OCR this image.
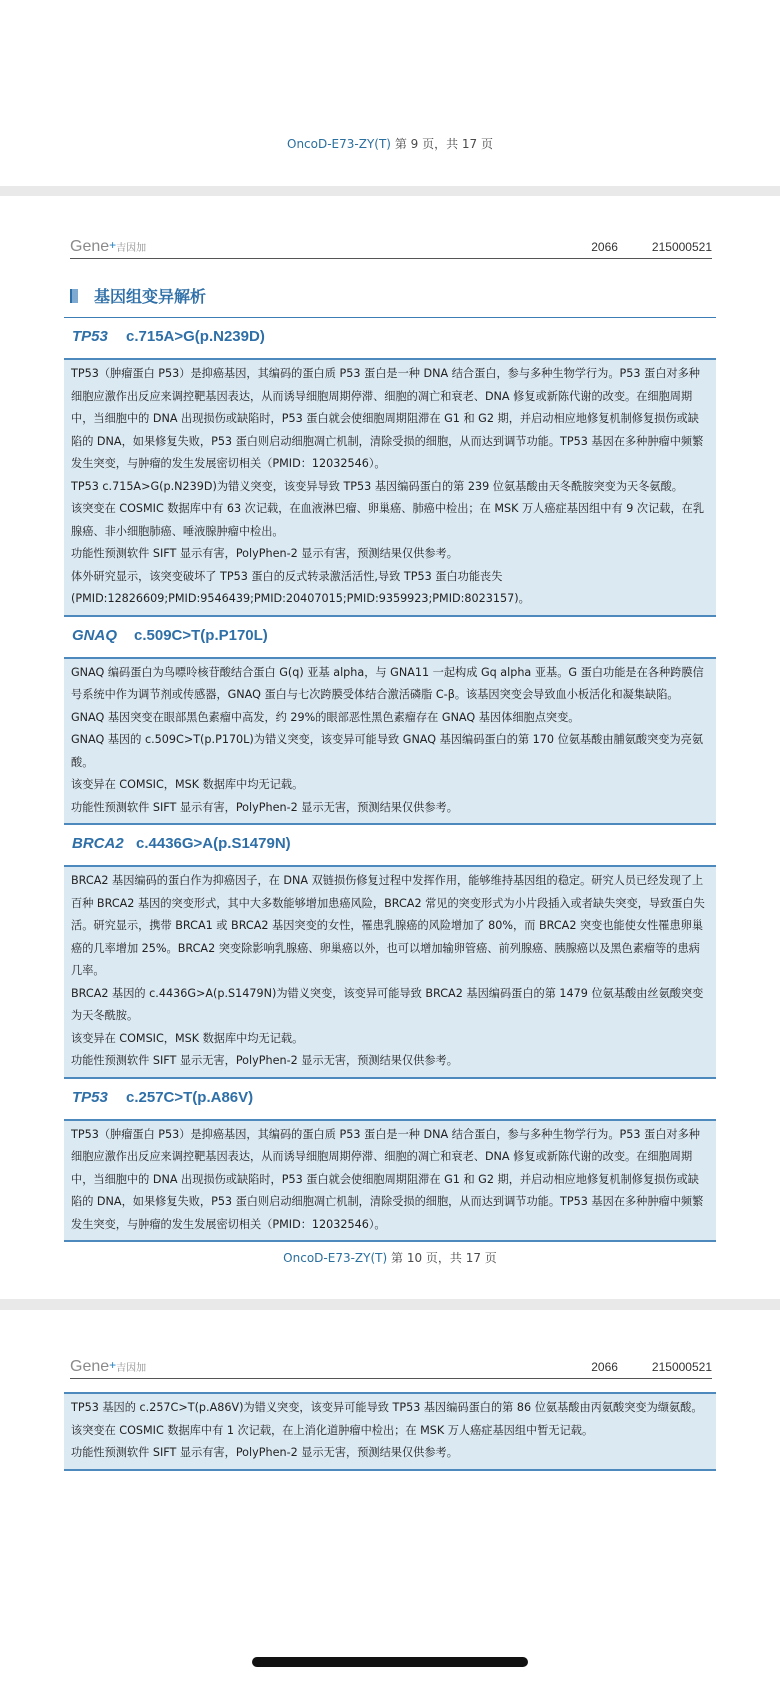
OncoD-E73-ZY(T) 第 9 页，共 17 页
Gene+吉因加	2066	215000521
基因组变异解析
TP53 c.715A>G(p.N239D)

TP53（肿瘤蛋白 P53）是抑癌基因，其编码的蛋白质 P53 蛋白是一种 DNA 结合蛋白，参与多种生物学行为。P53 蛋白对多种细胞应激作出反应来调控靶基因表达，从而诱导细胞周期停滞、细胞的凋亡和衰老、DNA 修复或新陈代谢的改变。在细胞周期中，当细胞中的 DNA 出现损伤或缺陷时，P53 蛋白就会使细胞周期阻滞在 G1 和 G2 期，并启动相应地修复机制修复损伤或缺陷的 DNA，如果修复失败，P53 蛋白则启动细胞凋亡机制，清除受损的细胞，从而达到调节功能。TP53 基因在多种肿瘤中频繁发生突变，与肿瘤的发生发展密切相关（PMID：12032546）。

TP53 c.715A>G(p.N239D)为错义突变，该变异导致 TP53 基因编码蛋白的第 239 位氨基酸由天冬酰胺突变为天冬氨酸。

该突变在 COSMIC 数据库中有 63 次记载，在血液淋巴瘤、卵巢癌、肺癌中检出；在 MSK 万人癌症基因组中有 9 次记载，在乳腺癌、非小细胞肺癌、唾液腺肿瘤中检出。

功能性预测软件 SIFT 显示有害，PolyPhen-2 显示有害，预测结果仅供参考。

体外研究显示，该突变破坏了 TP53 蛋白的反式转录激活活性,导致 TP53 蛋白功能丧失(PMID:12826609;PMID:9546439;PMID:20407015;PMID:9359923;PMID:8023157)。

GNAQ c.509C>T(p.P170L)

GNAQ 编码蛋白为鸟嘌呤核苷酸结合蛋白 G(q) 亚基 alpha，与 GNA11 一起构成 Gq alpha 亚基。G 蛋白功能是在各种跨膜信号系统中作为调节剂或传感器，GNAQ 蛋白与七次跨膜受体结合激活磷脂 C-β。该基因突变会导致血小板活化和凝集缺陷。GNAQ 基因突变在眼部黑色素瘤中高发，约 29%的眼部恶性黑色素瘤存在 GNAQ 基因体细胞点突变。

GNAQ 基因的 c.509C>T(p.P170L)为错义突变，该变异可能导致 GNAQ 基因编码蛋白的第 170 位氨基酸由脯氨酸突变为亮氨酸。

该变异在 COMSIC，MSK 数据库中均无记载。

功能性预测软件 SIFT 显示有害，PolyPhen-2 显示无害，预测结果仅供参考。

BRCA2 c.4436G>A(p.S1479N)

BRCA2 基因编码的蛋白作为抑癌因子，在 DNA 双链损伤修复过程中发挥作用，能够维持基因组的稳定。研究人员已经发现了上百种 BRCA2 基因的突变形式，其中大多数能够增加患癌风险，BRCA2 常见的突变形式为小片段插入或者缺失突变，导致蛋白失活。研究显示，携带 BRCA1 或 BRCA2 基因突变的女性，罹患乳腺癌的风险增加了 80%，而 BRCA2 突变也能使女性罹患卵巢癌的几率增加 25%。BRCA2 突变除影响乳腺癌、卵巢癌以外，也可以增加输卵管癌、前列腺癌、胰腺癌以及黑色素瘤等的患病几率。

BRCA2 基因的 c.4436G>A(p.S1479N)为错义突变，该变异可能导致 BRCA2 基因编码蛋白的第 1479 位氨基酸由丝氨酸突变为天冬酰胺。

该变异在 COMSIC，MSK 数据库中均无记载。

功能性预测软件 SIFT 显示无害，PolyPhen-2 显示无害，预测结果仅供参考。

TP53 c.257C>T(p.A86V)

TP53（肿瘤蛋白 P53）是抑癌基因，其编码的蛋白质 P53 蛋白是一种 DNA 结合蛋白，参与多种生物学行为。P53 蛋白对多种细胞应激作出反应来调控靶基因表达，从而诱导细胞周期停滞、细胞的凋亡和衰老、DNA 修复或新陈代谢的改变。在细胞周期中，当细胞中的 DNA 出现损伤或缺陷时，P53 蛋白就会使细胞周期阻滞在 G1 和 G2 期，并启动相应地修复机制修复损伤或缺陷的 DNA，如果修复失败，P53 蛋白则启动细胞凋亡机制，清除受损的细胞，从而达到调节功能。TP53 基因在多种肿瘤中频繁发生突变，与肿瘤的发生发展密切相关（PMID：12032546）。

OncoD-E73-ZY(T) 第 10 页，共 17 页
Gene+吉因加	2066	215000521

TP53 基因的 c.257C>T(p.A86V)为错义突变，该变异可能导致 TP53 基因编码蛋白的第 86 位氨基酸由丙氨酸突变为缬氨酸。

该突变在 COSMIC 数据库中有 1 次记载，在上消化道肿瘤中检出；在 MSK 万人癌症基因组中暂无记载。

功能性预测软件 SIFT 显示有害，PolyPhen-2 显示无害，预测结果仅供参考。
